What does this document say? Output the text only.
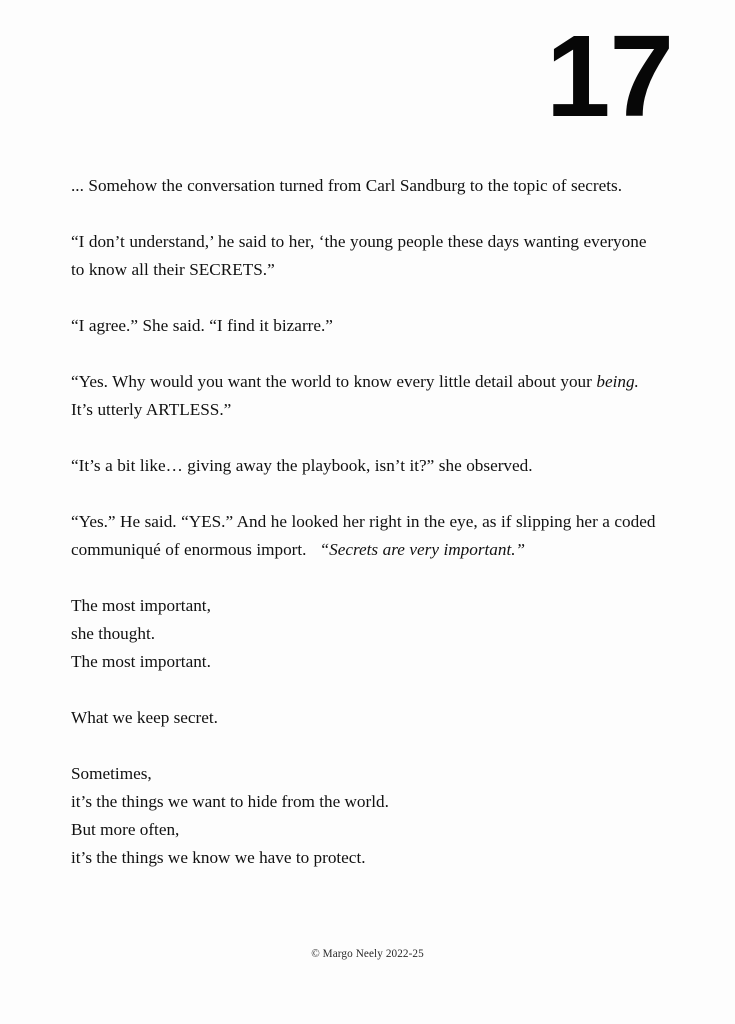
17

... Somehow the conversation turned from Carl Sandburg to the topic of secrets.

“I don’t understand,’ he said to her, ‘the young people these days wanting everyone to know all their SECRETS.”

“I agree.” She said. “I find it bizarre.”

“Yes. Why would you want the world to know every little detail about your being. It’s utterly ARTLESS.”

“It’s a bit like… giving away the playbook, isn’t it?” she observed.

“Yes.” He said. “YES.” And he looked her right in the eye, as if slipping her a coded communiqué of enormous import.  “Secrets are very important.”

The most important,
she thought.
The most important.
What we keep secret.
Sometimes,
it’s the things we want to hide from the world.
But more often,
it’s the things we know we have to protect.
© Margo Neely 2022-25
